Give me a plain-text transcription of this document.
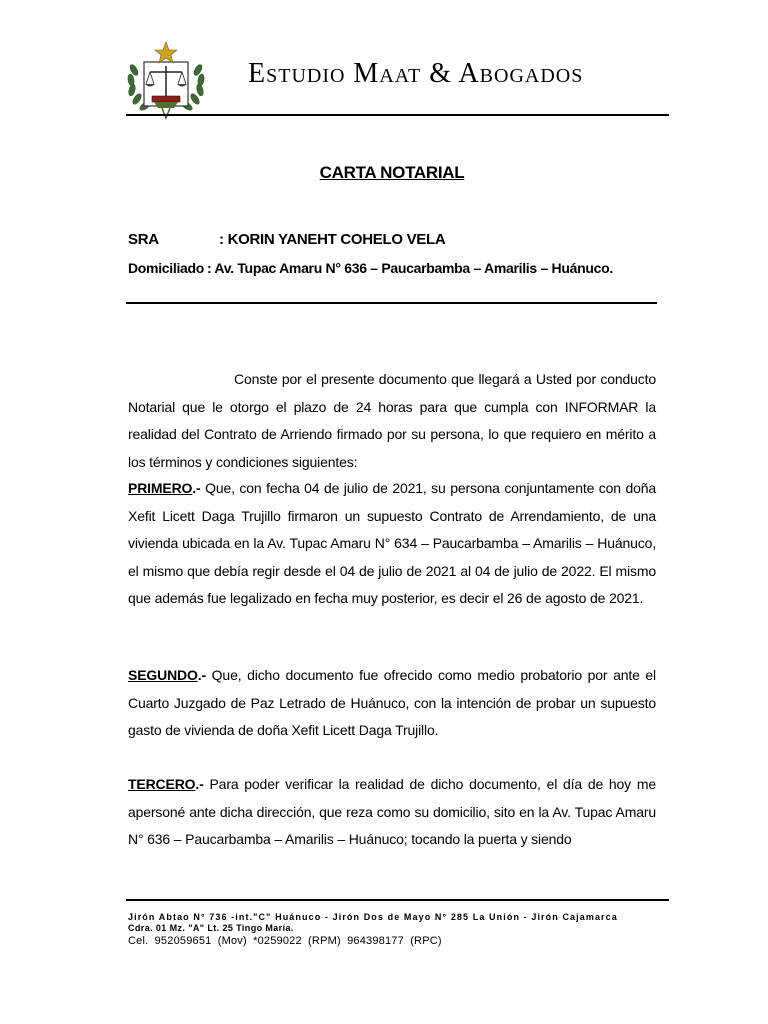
Estudio Maat & Abogados
CARTA NOTARIAL
SRA	: KORIN YANEHT COHELO VELA
Domiciliado : Av. Tupac Amaru N° 636 – Paucarbamba – Amarilis – Huánuco.

Conste por el presente documento que llegará a Usted por conducto Notarial que le otorgo el plazo de 24 horas para que cumpla con INFORMAR la realidad del Contrato de Arriendo firmado por su persona, lo que requiero en mérito a los términos y condiciones siguientes:

PRIMERO.- Que, con fecha 04 de julio de 2021, su persona conjuntamente con doña Xefit Licett Daga Trujillo firmaron un supuesto Contrato de Arrendamiento, de una vivienda ubicada en la Av. Tupac Amaru N° 634 – Paucarbamba – Amarilis – Huánuco, el mismo que debía regir desde el 04 de julio de 2021 al 04 de julio de 2022. El mismo que además fue legalizado en fecha muy posterior, es decir el 26 de agosto de 2021.

SEGUNDO.- Que, dicho documento fue ofrecido como medio probatorio por ante el Cuarto Juzgado de Paz Letrado de Huánuco, con la intención de probar un supuesto gasto de vivienda de doña Xefit Licett Daga Trujillo.

TERCERO.- Para poder verificar la realidad de dicho documento, el día de hoy me apersoné ante dicha dirección, que reza como su domicilio, sito en la Av. Tupac Amaru N° 636 – Paucarbamba – Amarilis – Huánuco; tocando la puerta y siendo

Jirón Abtao N° 736 -int."C" Huánuco - Jirón Dos de Mayo N° 285 La Unión - Jirón Cajamarca
Cdra. 01 Mz. "A" Lt. 25 Tingo María.
Cel. 952059651 (Mov) *0259022 (RPM) 964398177 (RPC)
